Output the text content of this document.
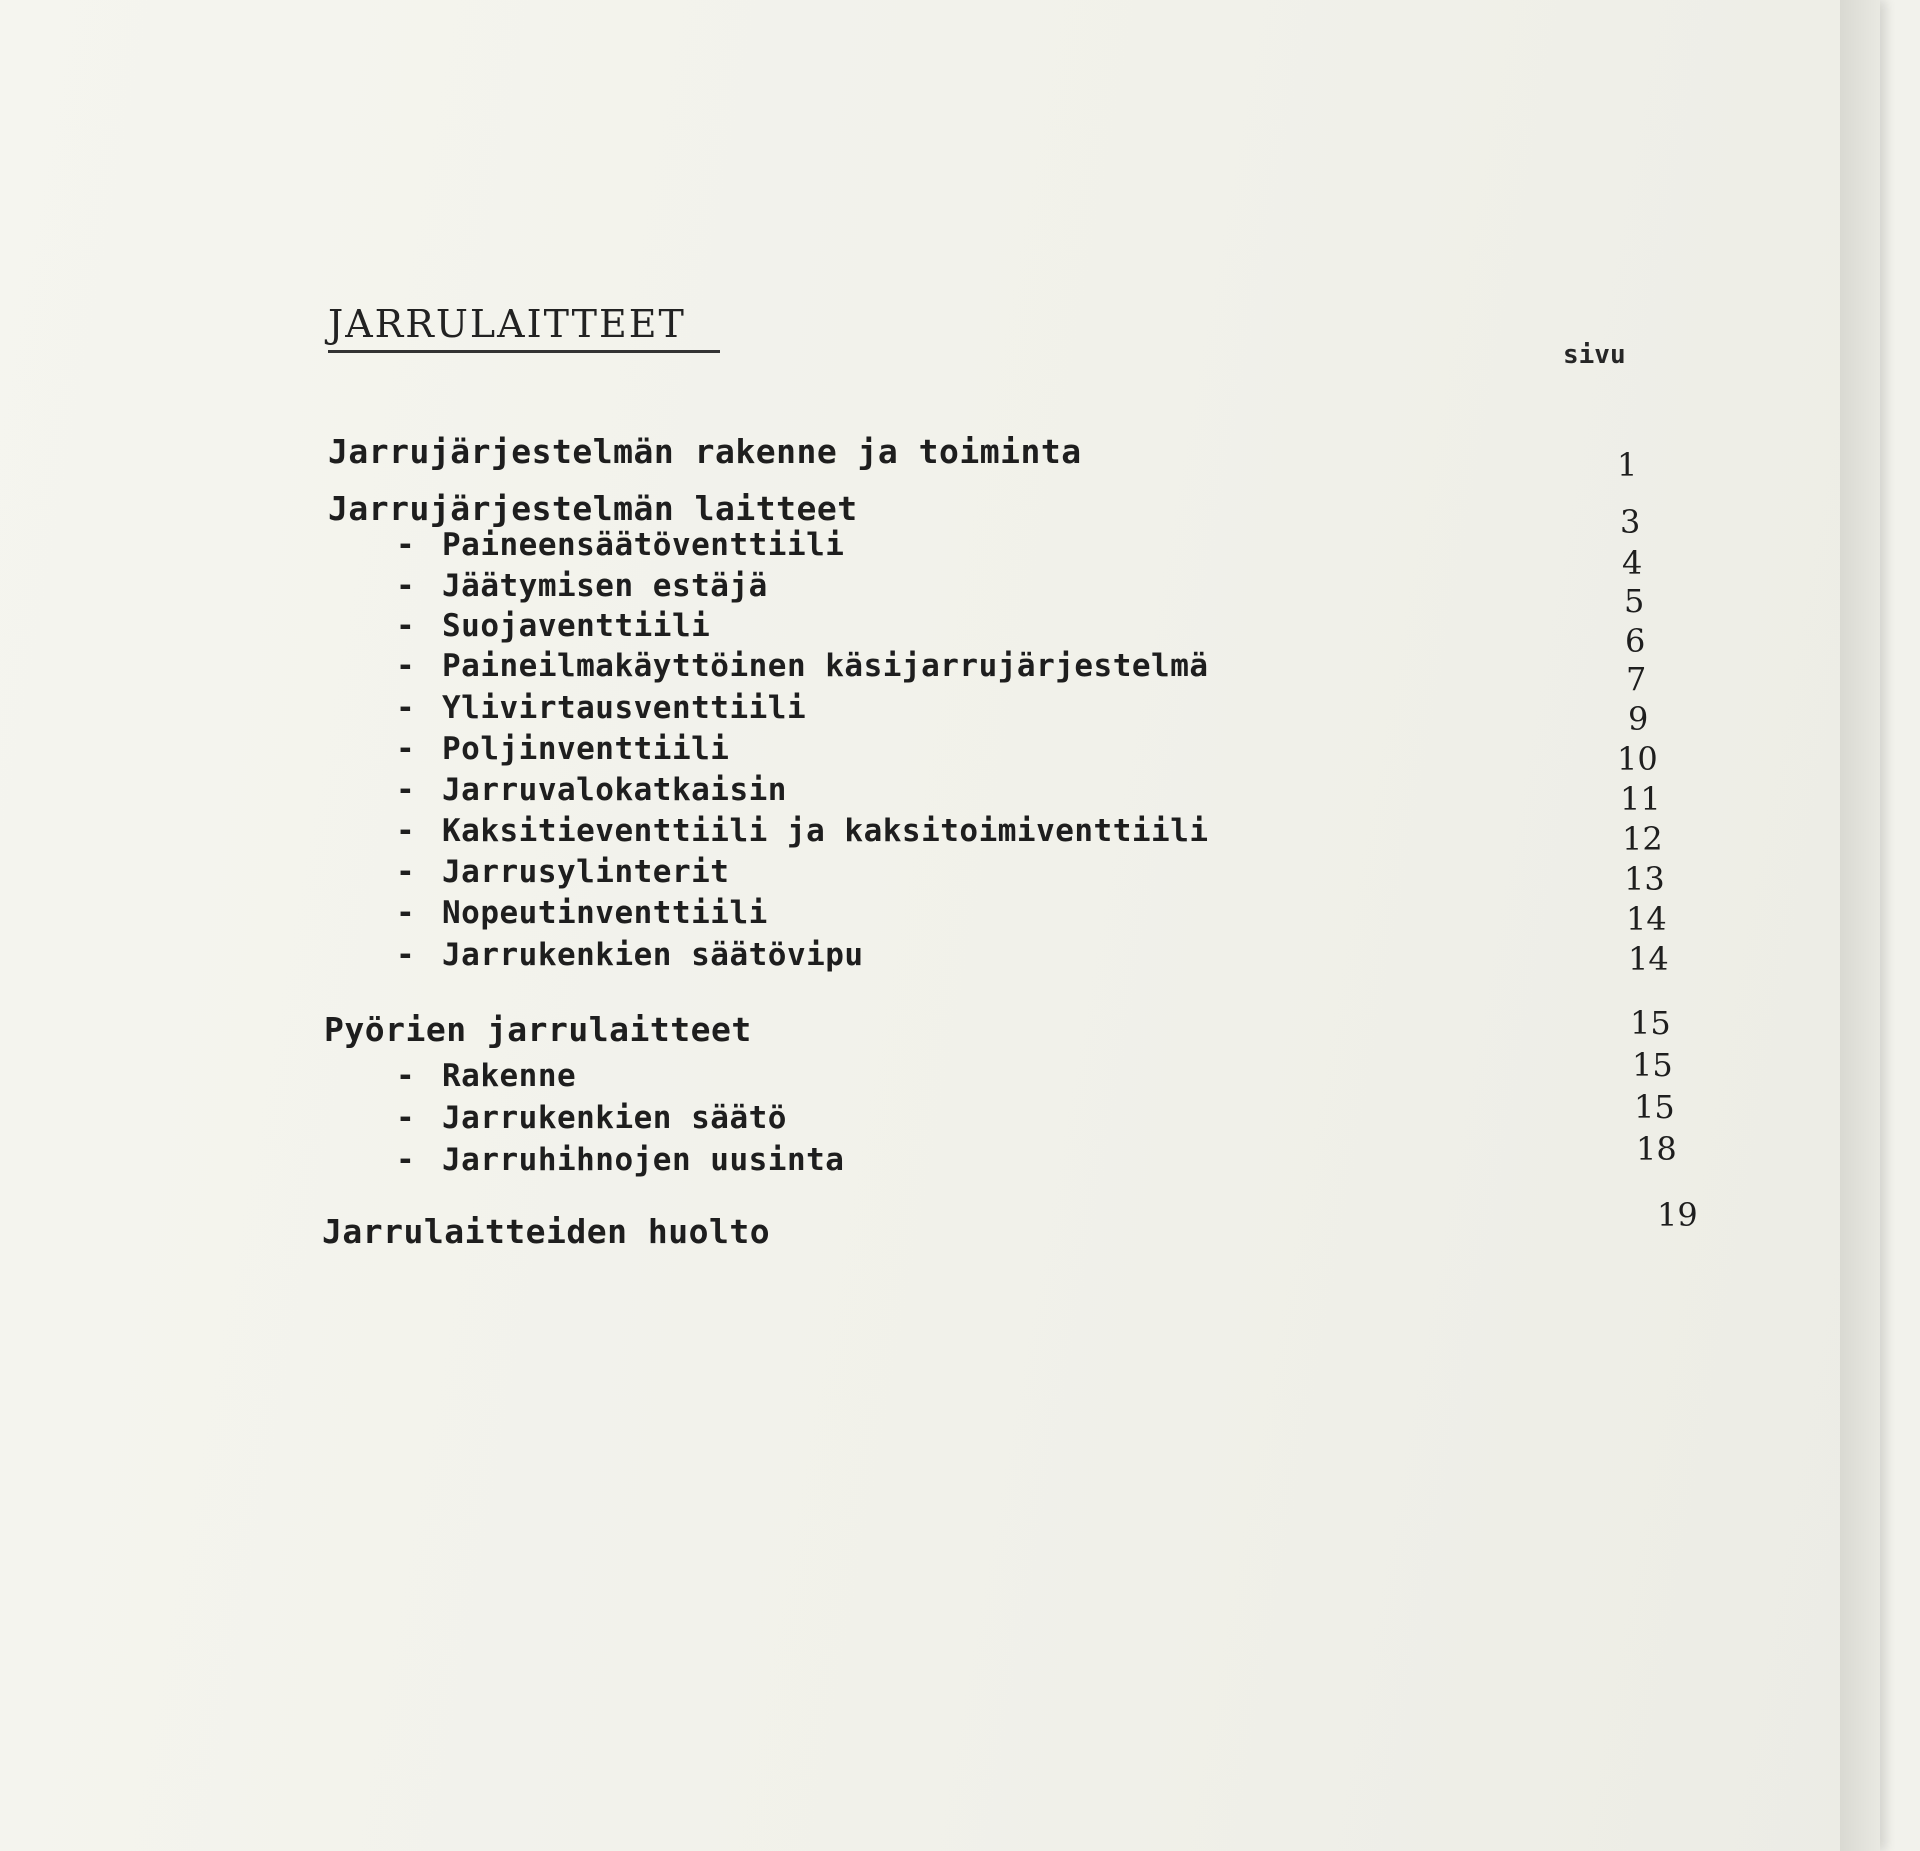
JARRULAITTEET
sivu
Jarrujärjestelmän rakenne ja toiminta	1
Jarrujärjestelmän laitteet	3
- Paineensäätöventtiili	4
- Jäätymisen estäjä	5
- Suojaventtiili	6
- Paineilmakäyttöinen käsijarrujärjestelmä	7
- Ylivirtausventtiili	9
- Poljinventtiili	10
- Jarruvalokatkaisin	11
- Kaksitieventtiili ja kaksitoimiventtiili	12
- Jarrusylinterit	13
- Nopeutinventtiili	14
- Jarrukenkien säätövipu	14
Pyörien jarrulaitteet	15
- Rakenne	15
- Jarrukenkien säätö	15
- Jarruhihnojen uusinta	18
Jarrulaitteiden huolto	19
